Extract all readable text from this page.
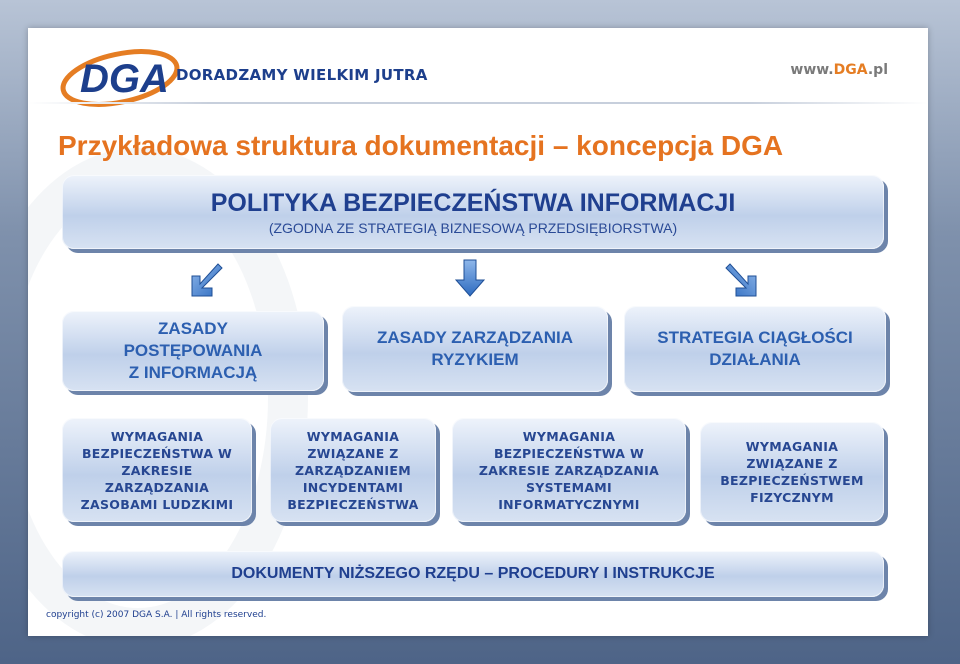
DGA DORADZAMY WIELKIM JUTRA	www.DGA.pl
Przykładowa struktura dokumentacji – koncepcja DGA
POLITYKA BEZPIECZEŃSTWA INFORMACJI
(ZGODNA ZE STRATEGIĄ BIZNESOWĄ PRZEDSIĘBIORSTWA)
ZASADY
POSTĘPOWANIA
Z INFORMACJĄ
ZASADY ZARZĄDZANIA
RYZYKIEM
STRATEGIA CIĄGŁOŚCI
DZIAŁANIA
WYMAGANIA
BEZPIECZEŃSTWA W
ZAKRESIE
ZARZĄDZANIA
ZASOBAMI LUDZKIMI
WYMAGANIA
ZWIĄZANE Z
ZARZĄDZANIEM
INCYDENTAMI
BEZPIECZEŃSTWA
WYMAGANIA
BEZPIECZEŃSTWA W
ZAKRESIE ZARZĄDZANIA
SYSTEMAMI
INFORMATYCZNYMI
WYMAGANIA
ZWIĄZANE Z
BEZPIECZEŃSTWEM
FIZYCZNYM
DOKUMENTY NIŻSZEGO RZĘDU – PROCEDURY I INSTRUKCJE
copyright (c) 2007 DGA S.A. | All rights reserved.
